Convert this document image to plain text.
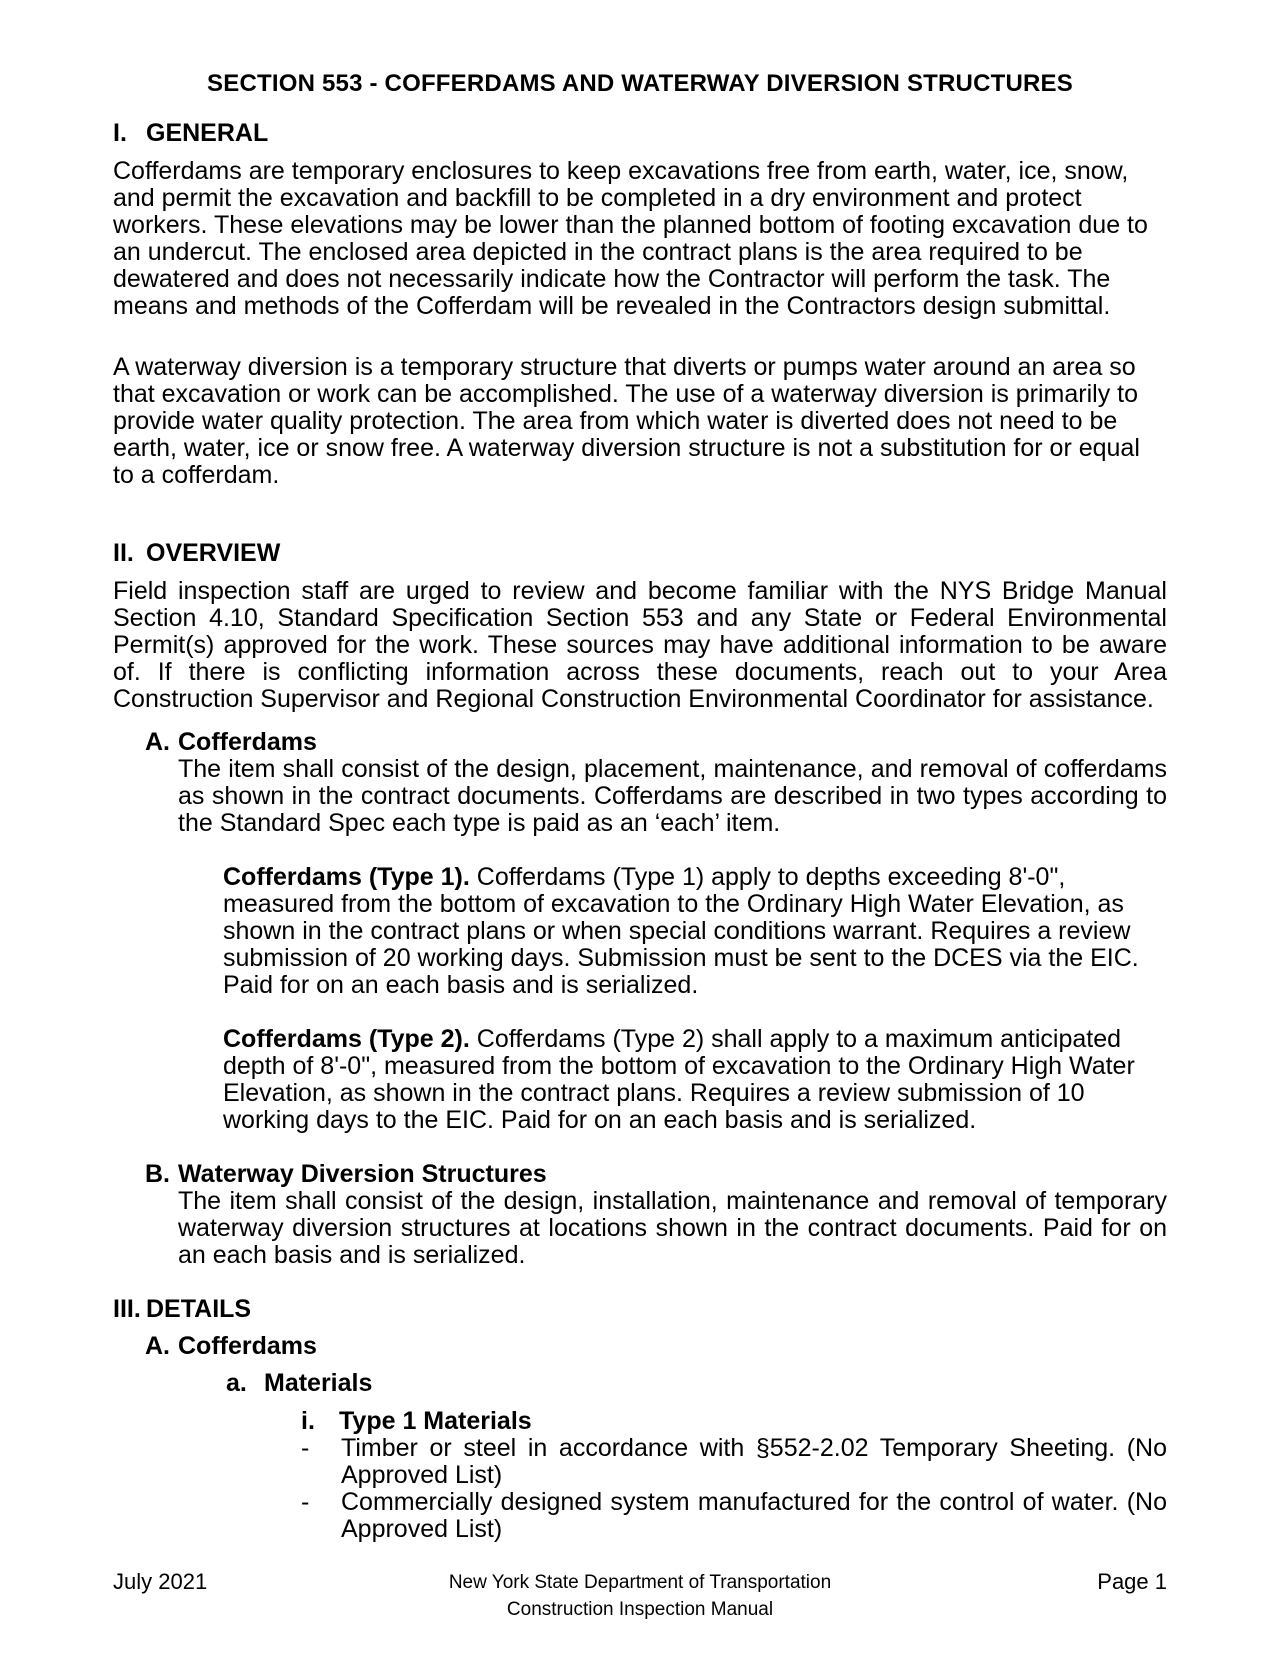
SECTION 553 - COFFERDAMS AND WATERWAY DIVERSION STRUCTURES
I. GENERAL

Cofferdams are temporary enclosures to keep excavations free from earth, water, ice, snow, and permit the excavation and backfill to be completed in a dry environment and protect workers. These elevations may be lower than the planned bottom of footing excavation due to an undercut. The enclosed area depicted in the contract plans is the area required to be dewatered and does not necessarily indicate how the Contractor will perform the task. The means and methods of the Cofferdam will be revealed in the Contractors design submittal.

A waterway diversion is a temporary structure that diverts or pumps water around an area so
that excavation or work can be accomplished. The use of a waterway diversion is primarily to provide water quality protection. The area from which water is diverted does not need to be earth, water, ice or snow free. A waterway diversion structure is not a substitution for or equal to a cofferdam.

II. OVERVIEW

Field inspection staff are urged to review and become familiar with the NYS Bridge Manual Section 4.10, Standard Specification Section 553 and any State or Federal Environmental Permit(s) approved for the work. These sources may have additional information to be aware of. If there is conflicting information across these documents, reach out to your Area Construction Supervisor and Regional Construction Environmental Coordinator for assistance.

A. Cofferdams

The item shall consist of the design, placement, maintenance, and removal of cofferdams as shown in the contract documents. Cofferdams are described in two types according to the Standard Spec each type is paid as an ‘each’ item.

Cofferdams (Type 1). Cofferdams (Type 1) apply to depths exceeding 8'-0", measured from the bottom of excavation to the Ordinary High Water Elevation, as shown in the contract plans or when special conditions warrant. Requires a review submission of 20 working days. Submission must be sent to the DCES via the EIC. Paid for on an each basis and is serialized.

Cofferdams (Type 2). Cofferdams (Type 2) shall apply to a maximum anticipated depth of 8'-0", measured from the bottom of excavation to the Ordinary High Water Elevation, as shown in the contract plans. Requires a review submission of 10 working days to the EIC. Paid for on an each basis and is serialized.

B. Waterway Diversion Structures

The item shall consist of the design, installation, maintenance and removal of temporary waterway diversion structures at locations shown in the contract documents. Paid for on an each basis and is serialized.

III. DETAILS
A. Cofferdams
a. Materials
i. Type 1 Materials
-	Timber or steel in accordance with §552-2.02 Temporary Sheeting. (No Approved List)
-	Commercially designed system manufactured for the control of water. (No Approved List)
July 2021	New York State Department of Transportation
Construction Inspection Manual
Page 1
